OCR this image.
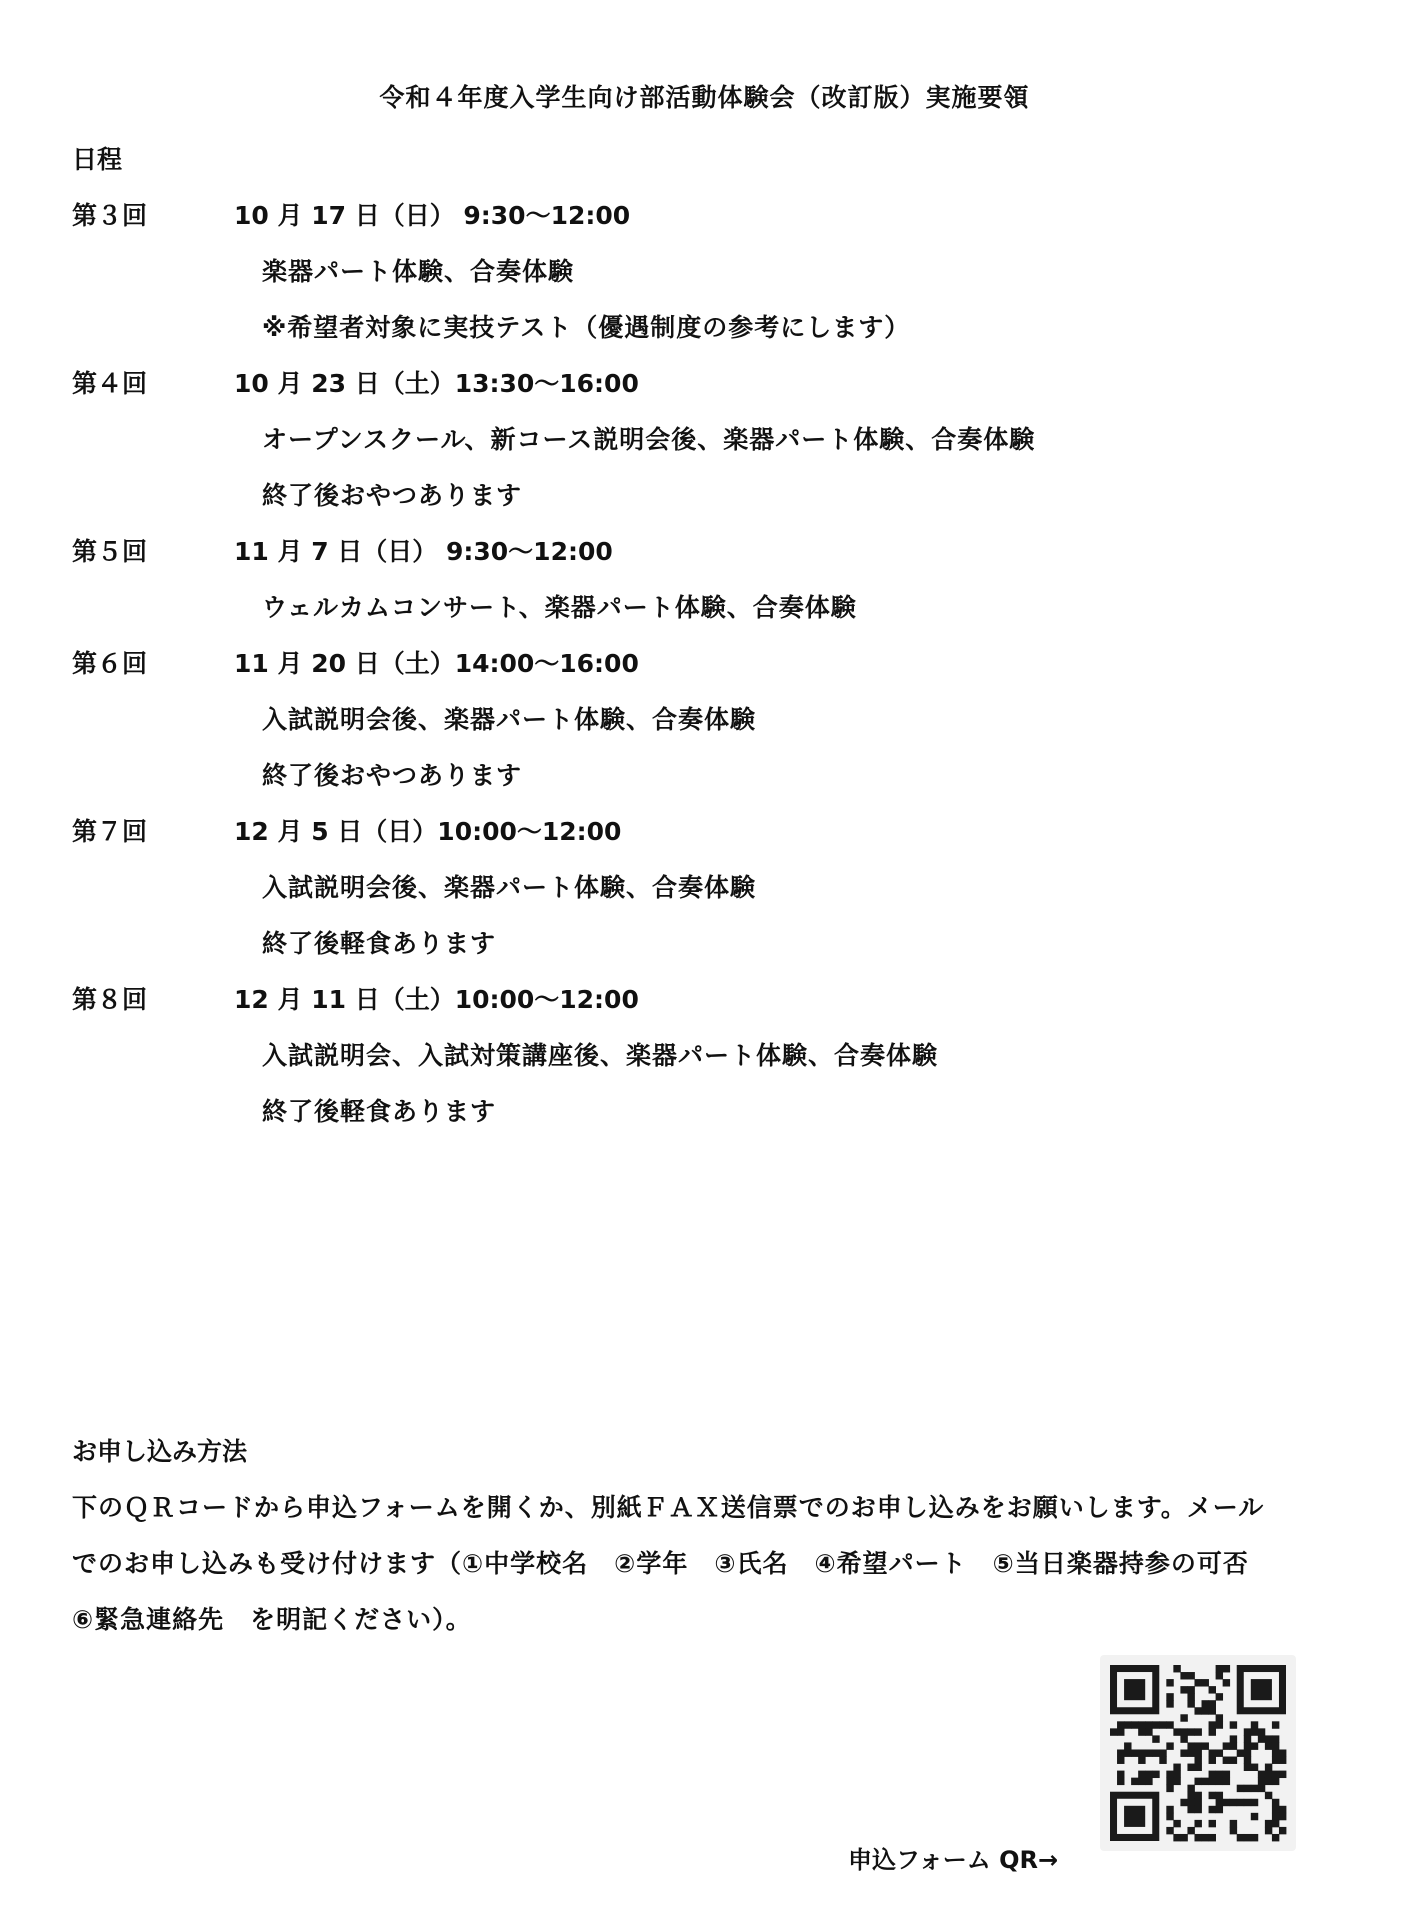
令和４年度入学生向け部活動体験会（改訂版）実施要領
日程
第３回	10 月 17 日（日） 9:30～12:00
楽器パート体験、合奏体験
※希望者対象に実技テスト（優遇制度の参考にします）
第４回	10 月 23 日（土）13:30～16:00
オープンスクール、新コース説明会後、楽器パート体験、合奏体験
終了後おやつあります
第５回	11 月 7 日（日） 9:30～12:00
ウェルカムコンサート、楽器パート体験、合奏体験
第６回	11 月 20 日（土）14:00～16:00
入試説明会後、楽器パート体験、合奏体験
終了後おやつあります
第７回	12 月 5 日（日）10:00～12:00
入試説明会後、楽器パート体験、合奏体験
終了後軽食あります
第８回	12 月 11 日（土）10:00～12:00
入試説明会、入試対策講座後、楽器パート体験、合奏体験
終了後軽食あります
お申し込み方法
下のＱＲコードから申込フォームを開くか、別紙ＦＡＸ送信票でのお申し込みをお願いします。メール
でのお申し込みも受け付けます（①中学校名　②学年　③氏名　④希望パート　⑤当日楽器持参の可否
⑥緊急連絡先　を明記ください）。
申込フォーム QR→
